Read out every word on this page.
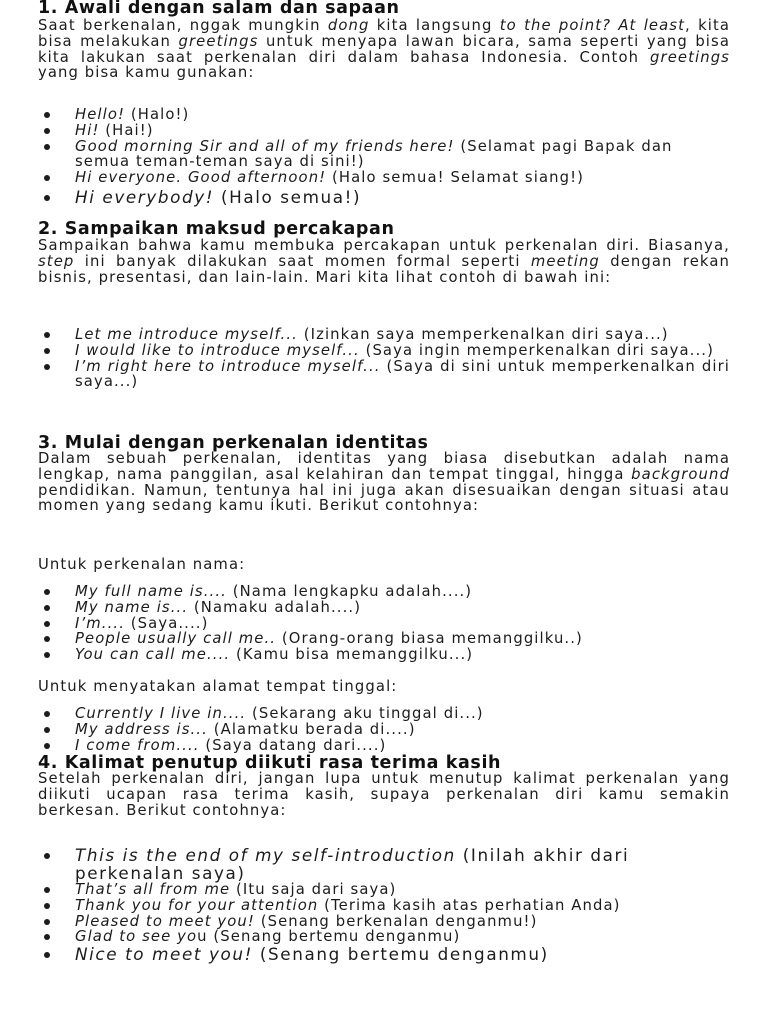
1. Awali dengan salam dan sapaan

Saat berkenalan, nggak mungkin dong kita langsung to the point? At least, kita bisa melakukan greetings untuk menyapa lawan bicara, sama seperti yang bisa kita lakukan saat perkenalan diri dalam bahasa Indonesia. Contoh greetings yang bisa kamu gunakan:

Hello! (Halo!)
Hi! (Hai!)
Good morning Sir and all of my friends here! (Selamat pagi Bapak dan semua teman-teman saya di sini!)
Hi everyone. Good afternoon! (Halo semua! Selamat siang!)
Hi everybody! (Halo semua!)
2. Sampaikan maksud percakapan

Sampaikan bahwa kamu membuka percakapan untuk perkenalan diri. Biasanya, step ini banyak dilakukan saat momen formal seperti meeting dengan rekan bisnis, presentasi, dan lain-lain. Mari kita lihat contoh di bawah ini:

Let me introduce myself... (Izinkan saya memperkenalkan diri saya...)
I would like to introduce myself... (Saya ingin memperkenalkan diri saya...)
I’m right here to introduce myself... (Saya di sini untuk memperkenalkan diri saya...)
3. Mulai dengan perkenalan identitas

Dalam sebuah perkenalan, identitas yang biasa disebutkan adalah nama lengkap, nama panggilan, asal kelahiran dan tempat tinggal, hingga background pendidikan. Namun, tentunya hal ini juga akan disesuaikan dengan situasi atau momen yang sedang kamu ikuti. Berikut contohnya:

Untuk perkenalan nama:

My full name is.... (Nama lengkapku adalah....)
My name is... (Namaku adalah....)
I’m.... (Saya....)
People usually call me.. (Orang-orang biasa memanggilku..)
You can call me.... (Kamu bisa memanggilku...)

Untuk menyatakan alamat tempat tinggal:

Currently I live in.... (Sekarang aku tinggal di...)
My address is... (Alamatku berada di....)
I come from.... (Saya datang dari....)
4. Kalimat penutup diikuti rasa terima kasih

Setelah perkenalan diri, jangan lupa untuk menutup kalimat perkenalan yang diikuti ucapan rasa terima kasih, supaya perkenalan diri kamu semakin berkesan. Berikut contohnya:

This is the end of my self-introduction (Inilah akhir dari perkenalan saya)
That’s all from me (Itu saja dari saya)
Thank you for your attention (Terima kasih atas perhatian Anda)
Pleased to meet you! (Senang berkenalan denganmu!)
Glad to see you (Senang bertemu denganmu)
Nice to meet you! (Senang bertemu denganmu)
